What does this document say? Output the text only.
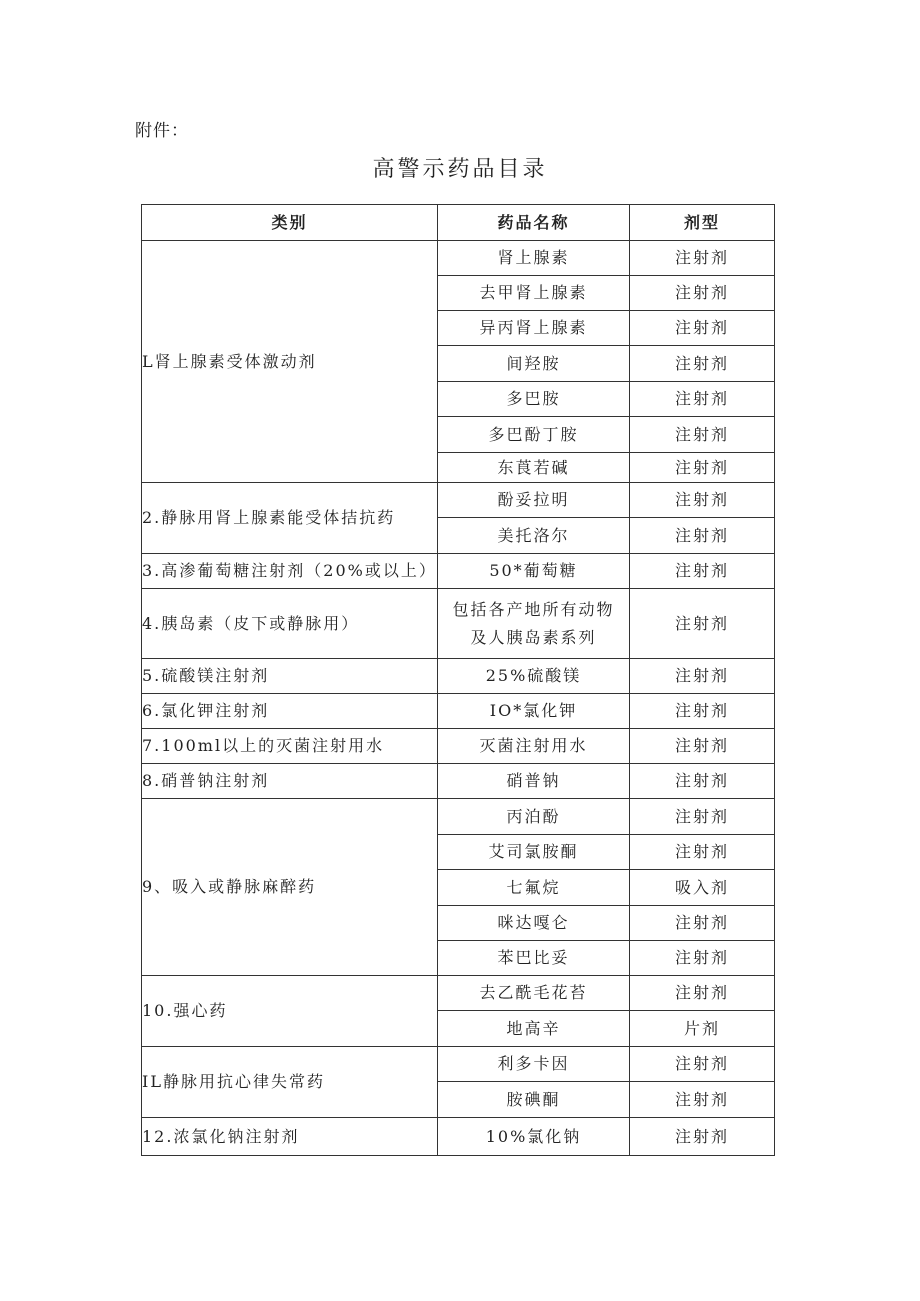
附件：
高警示药品目录
类别	药品名称	剂型
L肾上腺素受体激动剂	肾上腺素	注射剂
	去甲肾上腺素	注射剂
	异丙肾上腺素	注射剂
	间羟胺	注射剂
	多巴胺	注射剂
	多巴酚丁胺	注射剂
	东莨若碱	注射剂
2.静脉用肾上腺素能受体拮抗药	酚妥拉明	注射剂
	美托洛尔	注射剂
3.高渗葡萄糖注射剂（20%或以上）	50*葡萄糖	注射剂
4.胰岛素（皮下或静脉用）	包括各产地所有动物及人胰岛素系列	注射剂
5.硫酸镁注射剂	25%硫酸镁	注射剂
6.氯化钾注射剂	IO*氯化钾	注射剂
7.100ml以上的灭菌注射用水	灭菌注射用水	注射剂
8.硝普钠注射剂	硝普钠	注射剂
9、吸入或静脉麻醉药	丙泊酚	注射剂
	艾司氯胺酮	注射剂
	七氟烷	吸入剂
	咪达嘎仑	注射剂
	苯巴比妥	注射剂
10.强心药	去乙酰毛花苔	注射剂
	地高辛	片剂
IL静脉用抗心律失常药	利多卡因	注射剂
	胺碘酮	注射剂
12.浓氯化钠注射剂	10%氯化钠	注射剂
